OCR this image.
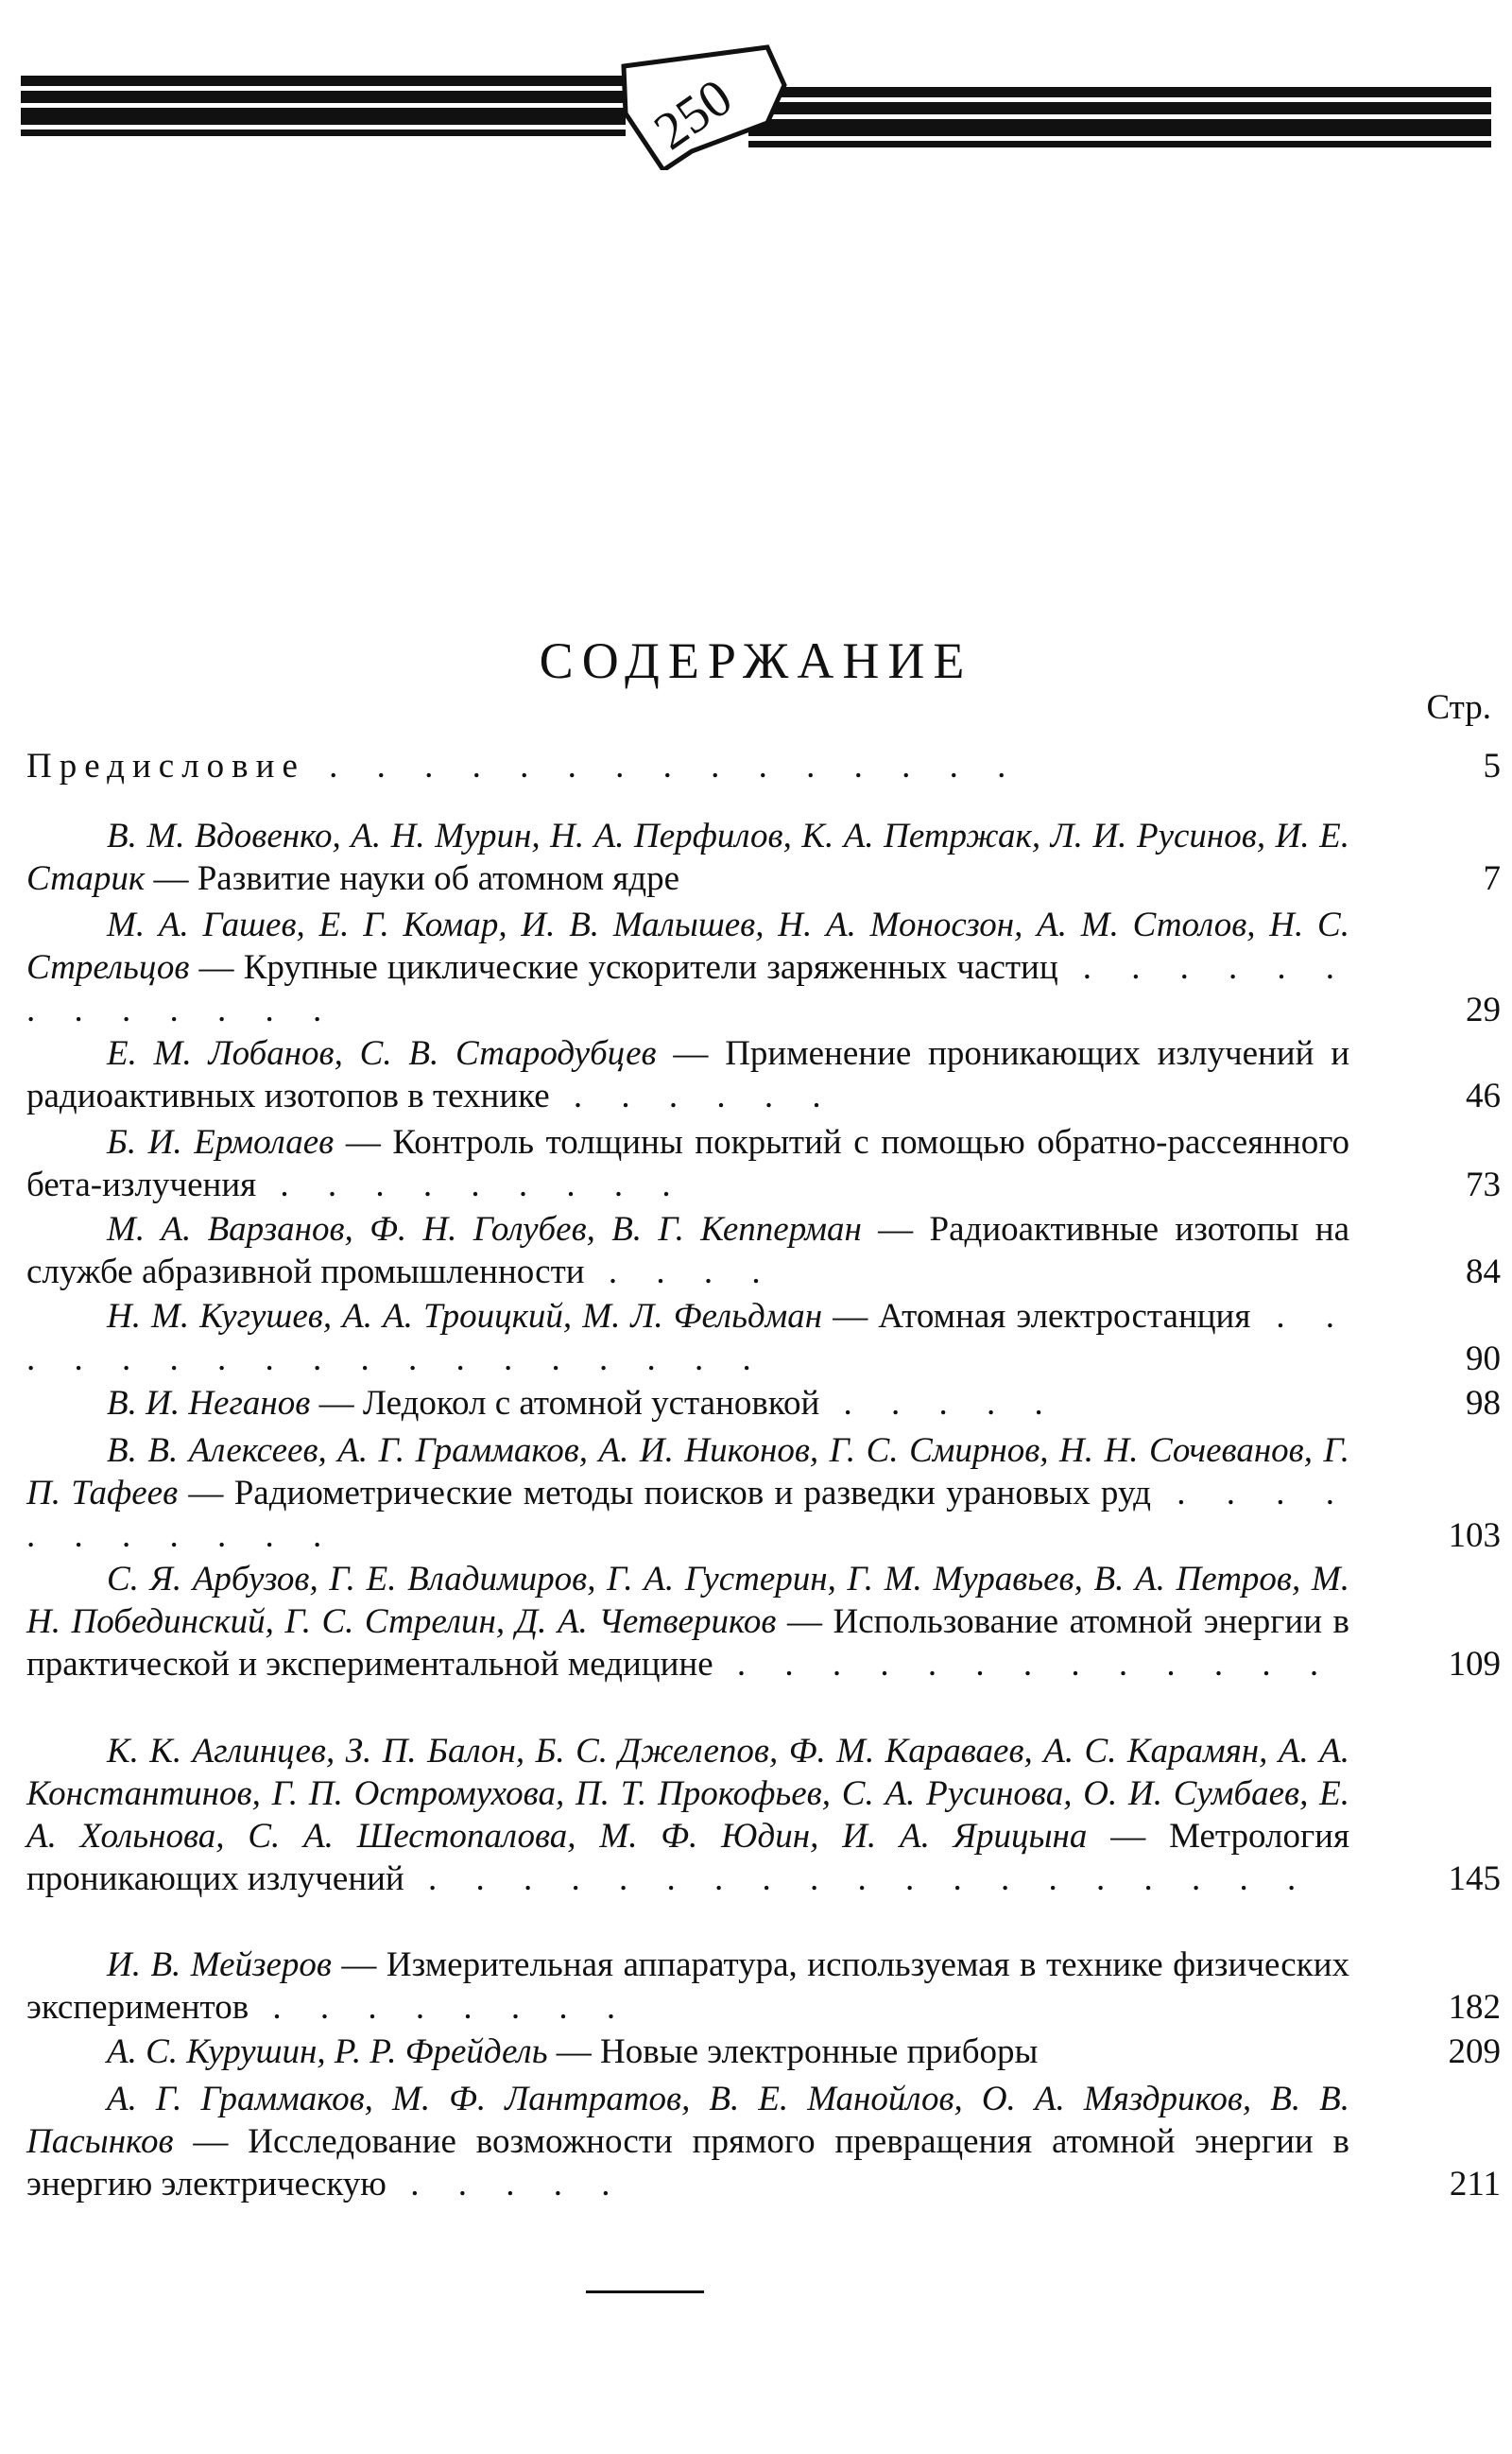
250
СОДЕРЖАНИЕ
Стр.
Предисловие . . . . . . . . . . . . . . .	5
В. М. Вдовенко, А. Н. Мурин, Н. А. Перфилов, К. А. Петржак, Л. И. Русинов, И. Е. Старик — Развитие науки об атомном ядре	7
М. А. Гашев, Е. Г. Комар, И. В. Малышев, Н. А. Моносзон, А. М. Столов, Н. С. Стрельцов — Крупные циклические ускорители заряженных частиц . . . . . . . . . . . . .	29
Е. М. Лобанов, С. В. Стародубцев — Применение проникающих излучений и радиоактивных изотопов в технике . . . . . .	46
Б. И. Ермолаев — Контроль толщины покрытий с помощью обратно-рассеянного бета-излучения . . . . . . . . .	73
М. А. Варзанов, Ф. Н. Голубев, В. Г. Кепперман — Радиоактивные изотопы на службе абразивной промышленности . . . .	84
Н. М. Кугушев, А. А. Троицкий, М. Л. Фельдман — Атомная электростанция . . . . . . . . . . . . . . . . . .	90
В. И. Неганов — Ледокол с атомной установкой . . . . .	98
В. В. Алексеев, А. Г. Граммаков, А. И. Никонов, Г. С. Смирнов, Н. Н. Сочеванов, Г. П. Тафеев — Радиометрические методы поисков и разведки урановых руд . . . . . . . . . . .	103
С. Я. Арбузов, Г. Е. Владимиров, Г. А. Густерин, Г. М. Муравьев, В. А. Петров, М. Н. Побединский, Г. С. Стрелин, Д. А. Четвериков — Использование атомной энергии в практической и экспериментальной медицине . . . . . . . . . . . . .	109
К. К. Аглинцев, З. П. Балон, Б. С. Джелепов, Ф. М. Караваев, А. С. Карамян, А. А. Константинов, Г. П. Остромухова, П. Т. Прокофьев, С. А. Русинова, О. И. Сумбаев, Е. А. Хольнова, С. А. Шестопалова, М. Ф. Юдин, И. А. Ярицына — Метрология проникающих излучений . . . . . . . . . . . . . . . . . . .	145
И. В. Мейзеров — Измерительная аппаратура, используемая в технике физических экспериментов . . . . . . . .	182
А. С. Курушин, Р. Р. Фрейдель — Новые электронные приборы	209
А. Г. Граммаков, М. Ф. Лантратов, В. Е. Манойлов, О. А. Мяздриков, В. В. Пасынков — Исследование возможности прямого превращения атомной энергии в энергию электрическую . . . . .	211
